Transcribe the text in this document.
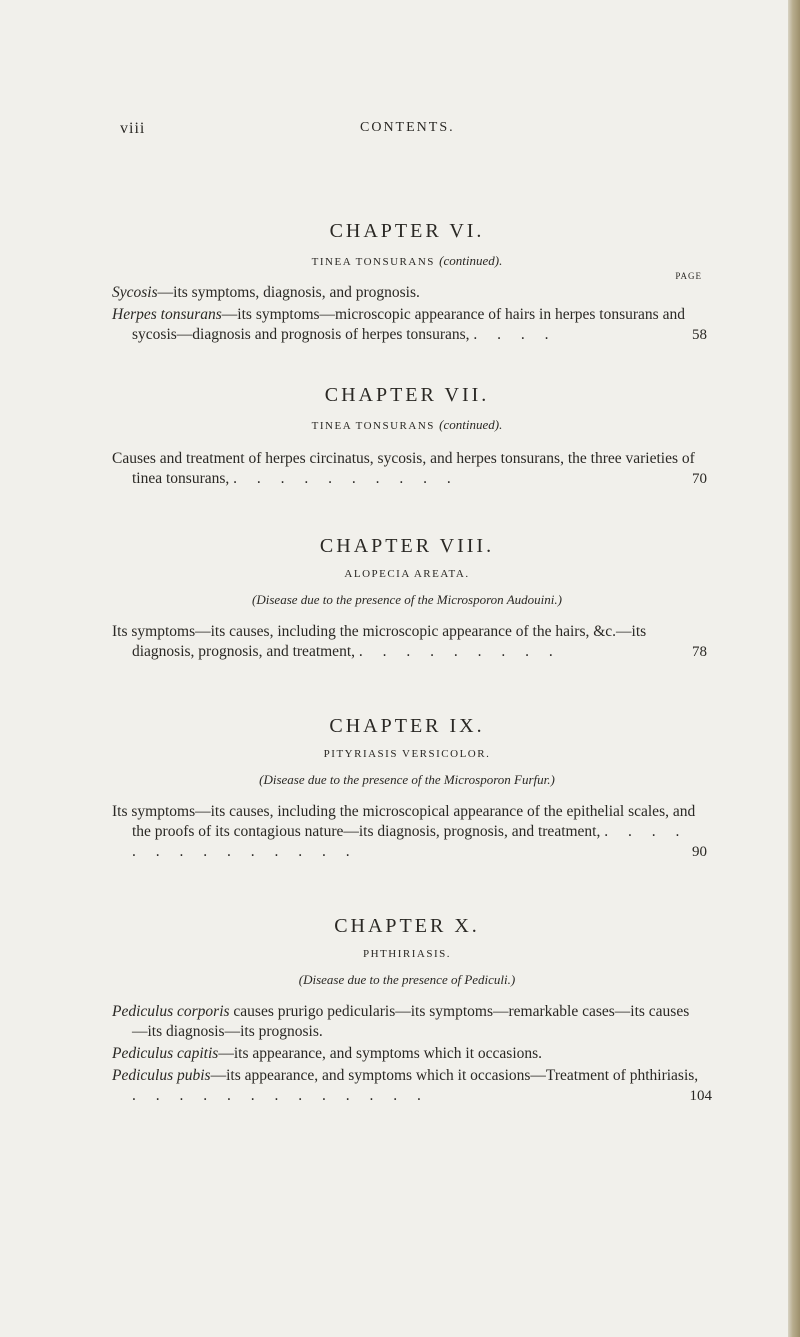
viii	CONTENTS.
CHAPTER VI.
TINEA TONSURANS (continued).
PAGE
Sycosis—its symptoms, diagnosis, and prognosis.
Herpes tonsurans—its symptoms—microscopic appearance of hairs in herpes tonsurans and sycosis—diagnosis and prognosis of herpes tonsurans, . . . .	58
CHAPTER VII.
TINEA TONSURANS (continued).
Causes and treatment of herpes circinatus, sycosis, and herpes tonsurans, the three varieties of tinea tonsurans, . . . . . . . . . .	70
CHAPTER VIII.
ALOPECIA AREATA.
(Disease due to the presence of the Microsporon Audouini.)
Its symptoms—its causes, including the microscopic appearance of the hairs, &c.—its diagnosis, prognosis, and treatment, . . . . . . . . .	78
CHAPTER IX.
PITYRIASIS VERSICOLOR.
(Disease due to the presence of the Microsporon Furfur.)
Its symptoms—its causes, including the microscopical appearance of the epithelial scales, and the proofs of its contagious nature—its diagnosis, prognosis, and treatment, . . . . . . . . . . . . . .	90
CHAPTER X.
PHTHIRIASIS.
(Disease due to the presence of Pediculi.)
Pediculus corporis causes prurigo pedicularis—its symptoms—remarkable cases—its causes—its diagnosis—its prognosis.
Pediculus capitis—its appearance, and symptoms which it occasions.
Pediculus pubis—its appearance, and symptoms which it occasions—Treatment of phthiriasis, . . . . . . . . . . . . .	104
